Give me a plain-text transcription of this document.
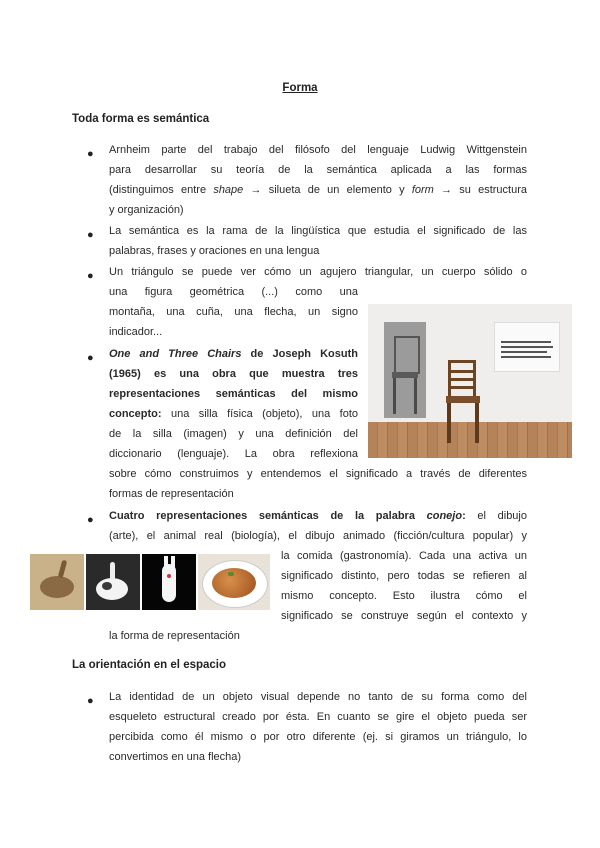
Forma
Toda forma es semántica
● Arnheim parte del trabajo del filósofo del lenguaje Ludwig Wittgenstein
para desarrollar su teoría de la semántica aplicada a las formas
(distinguimos entre shape → silueta de un elemento y form → su estructura
y organización)
● La semántica es la rama de la lingüística que estudia el significado de las
palabras, frases y oraciones en una lengua
● Un triángulo se puede ver cómo un agujero triangular, un cuerpo sólido o
una figura geométrica (...) como una
montaña, una cuña, una flecha, un signo
indicador...
● One and Three Chairs de Joseph Kosuth
(1965) es una obra que muestra tres
representaciones semánticas del mismo
concepto: una silla física (objeto), una foto
de la silla (imagen) y una definición del
diccionario (lenguaje). La obra reflexiona
sobre cómo construimos y entendemos el significado a través de diferentes
formas de representación
● Cuatro representaciones semánticas de la palabra conejo: el dibujo
(arte), el animal real (biología), el dibujo animado (ficción/cultura popular) y
la comida (gastronomía). Cada una activa un
significado distinto, pero todas se refieren al
mismo concepto. Esto ilustra cómo el
significado se construye según el contexto y
la forma de representación
La orientación en el espacio
● La identidad de un objeto visual depende no tanto de su forma como del
esqueleto estructural creado por ésta. En cuanto se gire el objeto pueda ser
percibida como él mismo o por otro diferente (ej. si giramos un triángulo, lo
convertimos en una flecha)
